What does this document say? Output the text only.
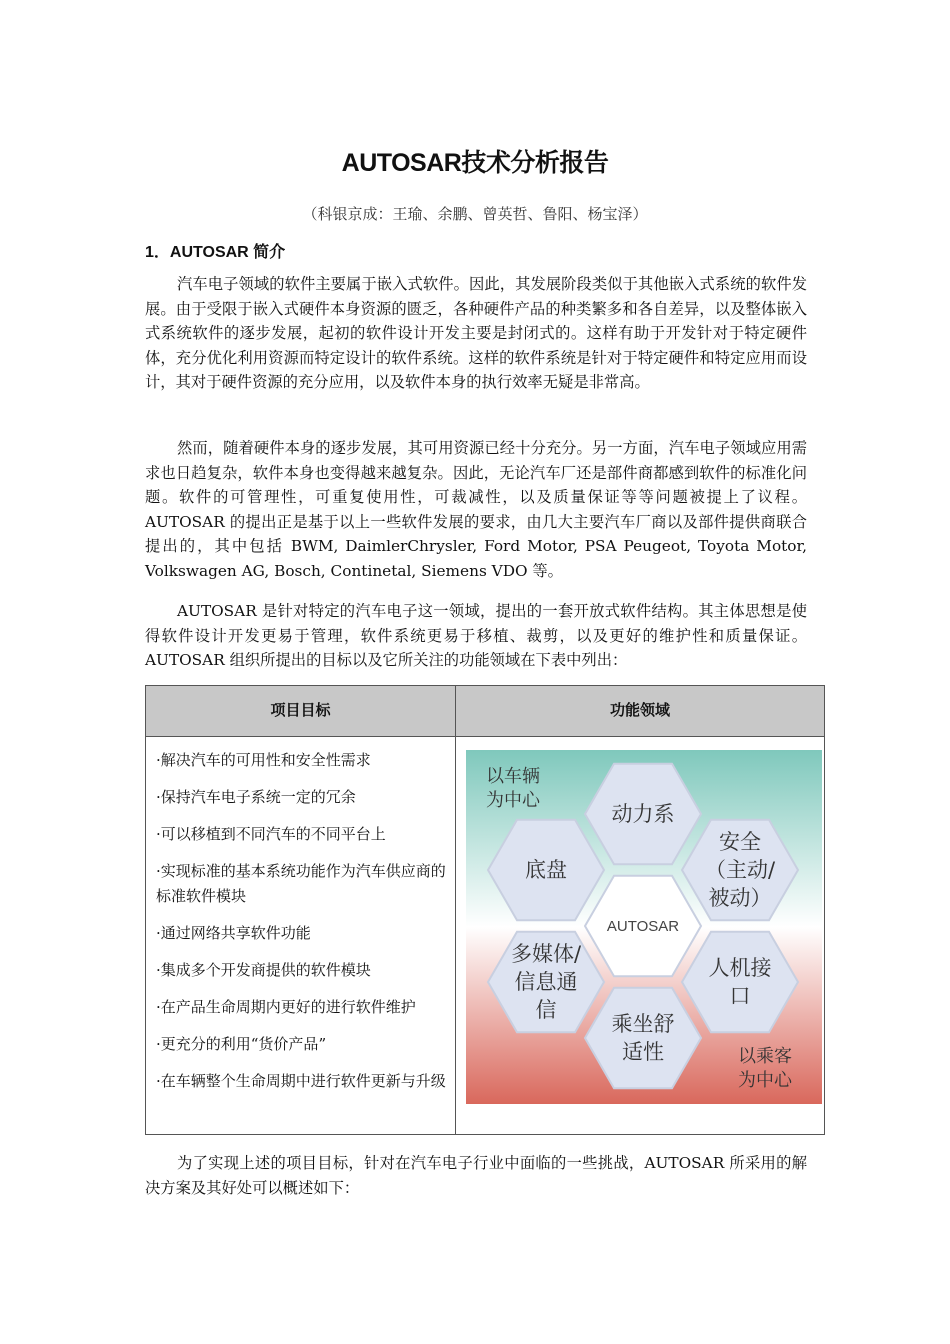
AUTOSAR技术分析报告
（科银京成：王瑜、余鹏、曾英哲、鲁阳、杨宝泽）
1．AUTOSAR 简介

汽车电子领域的软件主要属于嵌入式软件。因此，其发展阶段类似于其他嵌入式系统的软件发展。由于受限于嵌入式硬件本身资源的匮乏，各种硬件产品的种类繁多和各自差异，以及整体嵌入式系统软件的逐步发展，起初的软件设计开发主要是封闭式的。这样有助于开发针对于特定硬件体，充分优化利用资源而特定设计的软件系统。这样的软件系统是针对于特定硬件和特定应用而设计，其对于硬件资源的充分应用，以及软件本身的执行效率无疑是非常高。

然而，随着硬件本身的逐步发展，其可用资源已经十分充分。另一方面，汽车电子领域应用需求也日趋复杂，软件本身也变得越来越复杂。因此，无论汽车厂还是部件商都感到软件的标准化问题。软件的可管理性，可重复使用性，可裁减性，以及质量保证等等问题被提上了议程。AUTOSAR 的提出正是基于以上一些软件发展的要求，由几大主要汽车厂商以及部件提供商联合提出的，其中包括 BWM, DaimlerChrysler, Ford Motor, PSA Peugeot, Toyota Motor, Volkswagen AG, Bosch, Continetal, Siemens VDO 等。

AUTOSAR 是针对特定的汽车电子这一领域，提出的一套开放式软件结构。其主体思想是使得软件设计开发更易于管理，软件系统更易于移植、裁剪，以及更好的维护性和质量保证。AUTOSAR 组织所提出的目标以及它所关注的功能领域在下表中列出：

项目目标	功能领域
·解决汽车的可用性和安全性需求
·保持汽车电子系统一定的冗余
·可以移植到不同汽车的不同平台上
·实现标准的基本系统功能作为汽车供应商的标准软件模块
·通过网络共享软件功能
·集成多个开发商提供的软件模块
·在产品生命周期内更好的进行软件维护
·更充分的利用“货价产品”
·在车辆整个生命周期中进行软件更新与升级
AUTOSAR
动力系
底盘
安全
（主动/
被动）
多媒体/
信息通
信
人机接
口
乘坐舒
适性
以车辆
为中心
以乘客
为中心

为了实现上述的项目目标，针对在汽车电子行业中面临的一些挑战，AUTOSAR 所采用的解决方案及其好处可以概述如下：
